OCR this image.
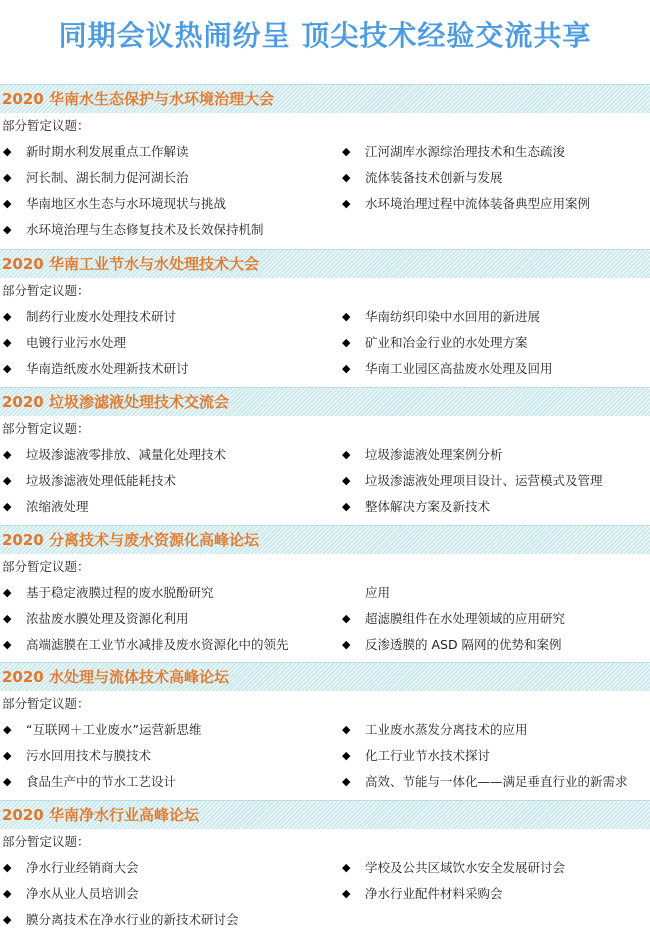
同期会议热闹纷呈 顶尖技术经验交流共享
2020 华南水生态保护与水环境治理大会
部分暂定议题：
◆	新时期水利发展重点工作解读	◆	江河湖库水源综治理技术和生态疏浚
◆	河长制、湖长制力促河湖长治	◆	流体装备技术创新与发展
◆	华南地区水生态与水环境现状与挑战	◆	水环境治理过程中流体装备典型应用案例
◆	水环境治理与生态修复技术及长效保持机制
2020 华南工业节水与水处理技术大会
部分暂定议题：
◆	制药行业废水处理技术研讨	◆	华南纺织印染中水回用的新进展
◆	电镀行业污水处理	◆	矿业和冶金行业的水处理方案
◆	华南造纸废水处理新技术研讨	◆	华南工业园区高盐废水处理及回用
2020 垃圾渗滤液处理技术交流会
部分暂定议题：
◆	垃圾渗滤液零排放、减量化处理技术	◆	垃圾渗滤液处理案例分析
◆	垃圾渗滤液处理低能耗技术	◆	垃圾渗滤液处理项目设计、运营模式及管理
◆	浓缩液处理	◆	整体解决方案及新技术
2020 分离技术与废水资源化高峰论坛
部分暂定议题：
◆	基于稳定液膜过程的废水脱酚研究	应用
◆	浓盐废水膜处理及资源化利用	◆	超滤膜组件在水处理领域的应用研究
◆	高端滤膜在工业节水减排及废水资源化中的领先	◆	反渗透膜的 ASD 隔网的优势和案例
2020 水处理与流体技术高峰论坛
部分暂定议题：
◆	“互联网＋工业废水”运营新思维	◆	工业废水蒸发分离技术的应用
◆	污水回用技术与膜技术	◆	化工行业节水技术探讨
◆	食品生产中的节水工艺设计	◆	高效、节能与一体化——满足垂直行业的新需求
2020 华南净水行业高峰论坛
部分暂定议题：
◆	净水行业经销商大会	◆	学校及公共区域饮水安全发展研讨会
◆	净水从业人员培训会	◆	净水行业配件材料采购会
◆	膜分离技术在净水行业的新技术研讨会
